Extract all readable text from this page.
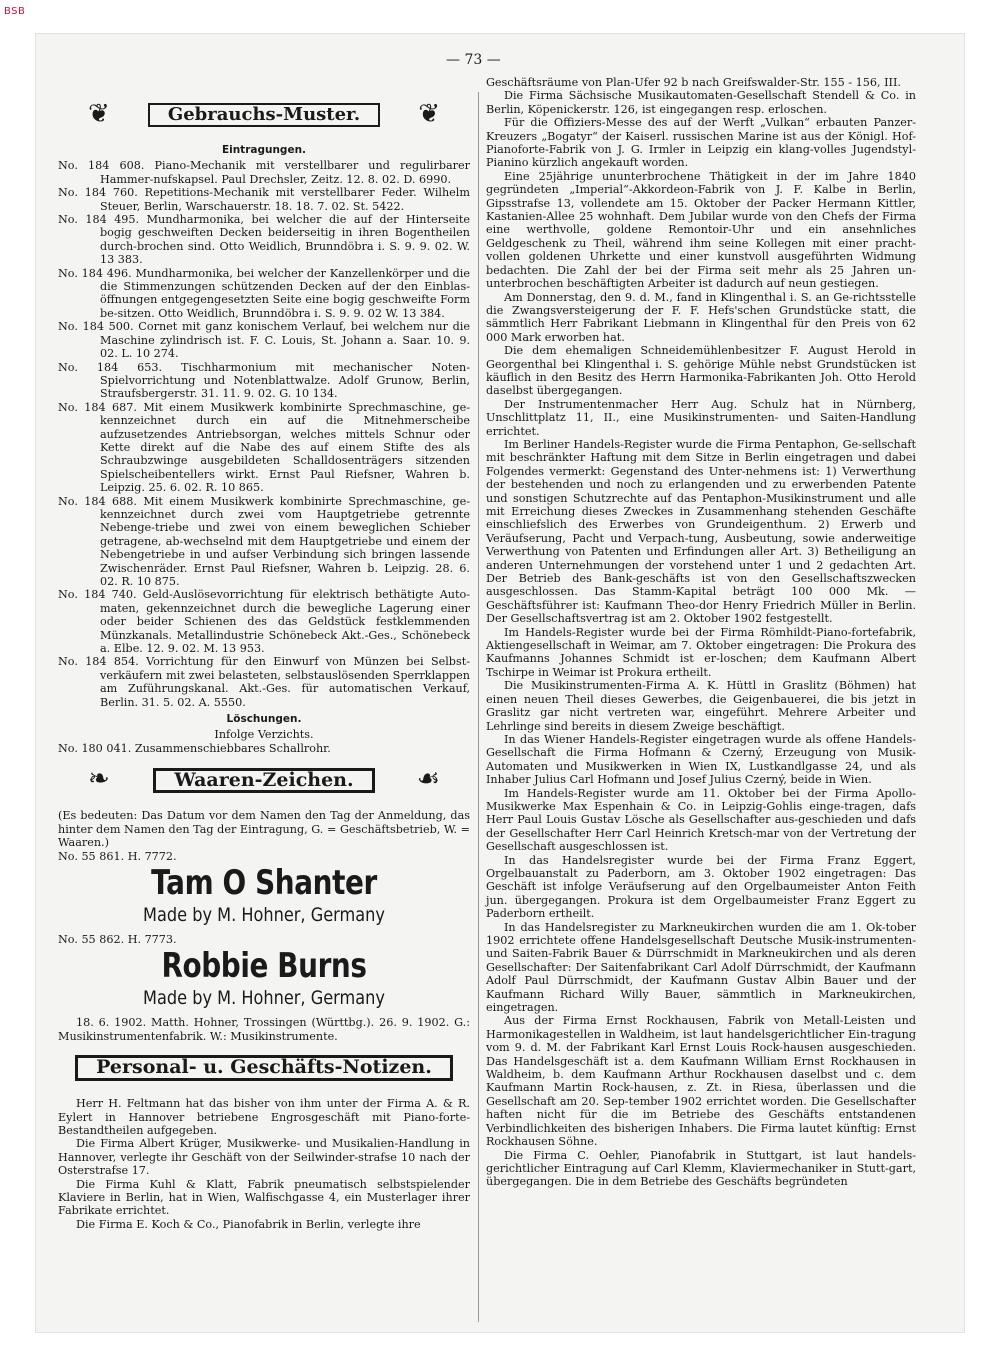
BSB
— 73 —
❦	Gebrauchs-Muster.	❦
Eintragungen.

No. 184 608. Piano-Mechanik mit verstellbarer und regulirbarer Hammer-nufskapsel. Paul Drechsler, Zeitz. 12. 8. 02. D. 6990.

No. 184 760. Repetitions-Mechanik mit verstellbarer Feder. Wilhelm Steuer, Berlin, Warschauerstr. 18. 18. 7. 02. St. 5422.

No. 184 495. Mundharmonika, bei welcher die auf der Hinterseite bogig geschweiften Decken beiderseitig in ihren Bogentheilen durch-brochen sind. Otto Weidlich, Brunndöbra i. S. 9. 9. 02. W. 13 383.

No. 184 496. Mundharmonika, bei welcher der Kanzellenkörper und die die Stimmenzungen schützenden Decken auf der den Einblas-öffnungen entgegengesetzten Seite eine bogig geschweifte Form be-sitzen. Otto Weidlich, Brunndöbra i. S. 9. 9. 02 W. 13 384.

No. 184 500. Cornet mit ganz konischem Verlauf, bei welchem nur die Maschine zylindrisch ist. F. C. Louis, St. Johann a. Saar. 10. 9. 02. L. 10 274.

No. 184 653. Tischharmonium mit mechanischer Noten-Spielvorrichtung und Notenblattwalze. Adolf Grunow, Berlin, Straufsbergerstr. 31. 11. 9. 02. G. 10 134.

No. 184 687. Mit einem Musikwerk kombinirte Sprechmaschine, ge-kennzeichnet durch ein auf die Mitnehmerscheibe aufzusetzendes Antriebsorgan, welches mittels Schnur oder Kette direkt auf die Nabe des auf einem Stifte des als Schraubzwinge ausgebildeten Schalldosenträgers sitzenden Spielscheibentellers wirkt. Ernst Paul Riefsner, Wahren b. Leipzig. 25. 6. 02. R. 10 865.

No. 184 688. Mit einem Musikwerk kombinirte Sprechmaschine, ge-kennzeichnet durch zwei vom Hauptgetriebe getrennte Nebenge-triebe und zwei von einem beweglichen Schieber getragene, ab-wechselnd mit dem Hauptgetriebe und einem der Nebengetriebe in und aufser Verbindung sich bringen lassende Zwischenräder. Ernst Paul Riefsner, Wahren b. Leipzig. 28. 6. 02. R. 10 875.

No. 184 740. Geld-Auslösevorrichtung für elektrisch bethätigte Auto-maten, gekennzeichnet durch die bewegliche Lagerung einer oder beider Schienen des das Geldstück festklemmenden Münzkanals. Metallindustrie Schönebeck Akt.-Ges., Schönebeck a. Elbe. 12. 9. 02. M. 13 953.

No. 184 854. Vorrichtung für den Einwurf von Münzen bei Selbst-verkäufern mit zwei belasteten, selbstauslösenden Sperrklappen am Zuführungskanal. Akt.-Ges. für automatischen Verkauf, Berlin. 31. 5. 02. A. 5550.

Löschungen.

Infolge Verzichts.

No. 180 041. Zusammenschiebbares Schallrohr.

❧	Waaren-Zeichen.	☙

(Es bedeuten: Das Datum vor dem Namen den Tag der Anmeldung, das hinter dem Namen den Tag der Eintragung, G. = Geschäftsbetrieb, W. = Waaren.)

No. 55 861. H. 7772.

Tam O Shanter
Made by M. Hohner, Germany

No. 55 862. H. 7773.

Robbie Burns
Made by M. Hohner, Germany

18. 6. 1902. Matth. Hohner, Trossingen (Württbg.). 26. 9. 1902. G.: Musikinstrumentenfabrik. W.: Musikinstrumente.

Personal- u. Geschäfts-Notizen.

Herr H. Feltmann hat das bisher von ihm unter der Firma A. & R. Eylert in Hannover betriebene Engrosgeschäft mit Piano-forte-Bestandtheilen aufgegeben.

Die Firma Albert Krüger, Musikwerke- und Musikalien-Handlung in Hannover, verlegte ihr Geschäft von der Seilwinder-strafse 10 nach der Osterstrafse 17.

Die Firma Kuhl & Klatt, Fabrik pneumatisch selbstspielender Klaviere in Berlin, hat in Wien, Walfischgasse 4, ein Musterlager ihrer Fabrikate errichtet.

Die Firma E. Koch & Co., Pianofabrik in Berlin, verlegte ihre

Geschäftsräume von Plan-Ufer 92 b nach Greifswalder-Str. 155 - 156, III.

Die Firma Sächsische Musikautomaten-Gesellschaft Stendell & Co. in Berlin, Köpenickerstr. 126, ist eingegangen resp. erloschen.

Für die Offiziers-Messe des auf der Werft „Vulkan“ erbauten Panzer-Kreuzers „Bogatyr“ der Kaiserl. russischen Marine ist aus der Königl. Hof-Pianoforte-Fabrik von J. G. Irmler in Leipzig ein klang-volles Jugendstyl-Pianino kürzlich angekauft worden.

Eine 25jährige ununterbrochene Thätigkeit in der im Jahre 1840 gegründeten „Imperial“-Akkordeon-Fabrik von J. F. Kalbe in Berlin, Gipsstrafse 13, vollendete am 15. Oktober der Packer Hermann Kittler, Kastanien-Allee 25 wohnhaft. Dem Jubilar wurde von den Chefs der Firma eine werthvolle, goldene Remontoir-Uhr und ein ansehnliches Geldgeschenk zu Theil, während ihm seine Kollegen mit einer pracht-vollen goldenen Uhrkette und einer kunstvoll ausgeführten Widmung bedachten. Die Zahl der bei der Firma seit mehr als 25 Jahren un-unterbrochen beschäftigten Arbeiter ist dadurch auf neun gestiegen.

Am Donnerstag, den 9. d. M., fand in Klingenthal i. S. an Ge-richtsstelle die Zwangsversteigerung der F. F. Hefs'schen Grundstücke statt, die sämmtlich Herr Fabrikant Liebmann in Klingenthal für den Preis von 62 000 Mark erworben hat.

Die dem ehemaligen Schneidemühlenbesitzer F. August Herold in Georgenthal bei Klingenthal i. S. gehörige Mühle nebst Grundstücken ist käuflich in den Besitz des Herrn Harmonika-Fabrikanten Joh. Otto Herold daselbst übergegangen.

Der Instrumentenmacher Herr Aug. Schulz hat in Nürnberg, Unschlittplatz 11, II., eine Musikinstrumenten- und Saiten-Handlung errichtet.

Im Berliner Handels-Register wurde die Firma Pentaphon, Ge-sellschaft mit beschränkter Haftung mit dem Sitze in Berlin eingetragen und dabei Folgendes vermerkt: Gegenstand des Unter-nehmens ist: 1) Verwerthung der bestehenden und noch zu erlangenden und zu erwerbenden Patente und sonstigen Schutzrechte auf das Pentaphon-Musikinstrument und alle mit Erreichung dieses Zweckes in Zusammenhang stehenden Geschäfte einschliefslich des Erwerbes von Grundeigenthum. 2) Erwerb und Veräufserung, Pacht und Verpach-tung, Ausbeutung, sowie anderweitige Verwerthung von Patenten und Erfindungen aller Art. 3) Betheiligung an anderen Unternehmungen der vorstehend unter 1 und 2 gedachten Art. Der Betrieb des Bank-geschäfts ist von den Gesellschaftszwecken ausgeschlossen. Das Stamm-Kapital beträgt 100 000 Mk. — Geschäftsführer ist: Kaufmann Theo-dor Henry Friedrich Müller in Berlin. Der Gesellschaftsvertrag ist am 2. Oktober 1902 festgestellt.

Im Handels-Register wurde bei der Firma Römhildt-Piano-fortefabrik, Aktiengesellschaft in Weimar, am 7. Oktober eingetragen: Die Prokura des Kaufmanns Johannes Schmidt ist er-loschen; dem Kaufmann Albert Tschirpe in Weimar ist Prokura ertheilt.

Die Musikinstrumenten-Firma A. K. Hüttl in Graslitz (Böhmen) hat einen neuen Theil dieses Gewerbes, die Geigenbauerei, die bis jetzt in Graslitz gar nicht vertreten war, eingeführt. Mehrere Arbeiter und Lehrlinge sind bereits in diesem Zweige beschäftigt.

In das Wiener Handels-Register eingetragen wurde als offene Handels-Gesellschaft die Firma Hofmann & Czerný, Erzeugung von Musik-Automaten und Musikwerken in Wien IX, Lustkandlgasse 24, und als Inhaber Julius Carl Hofmann und Josef Julius Czerný, beide in Wien.

Im Handels-Register wurde am 11. Oktober bei der Firma Apollo-Musikwerke Max Espenhain & Co. in Leipzig-Gohlis einge-tragen, dafs Herr Paul Louis Gustav Lösche als Gesellschafter aus-geschieden und dafs der Gesellschafter Herr Carl Heinrich Kretsch-mar von der Vertretung der Gesellschaft ausgeschlossen ist.

In das Handelsregister wurde bei der Firma Franz Eggert, Orgelbauanstalt zu Paderborn, am 3. Oktober 1902 eingetragen: Das Geschäft ist infolge Veräufserung auf den Orgelbaumeister Anton Feith jun. übergegangen. Prokura ist dem Orgelbaumeister Franz Eggert zu Paderborn ertheilt.

In das Handelsregister zu Markneukirchen wurden die am 1. Ok-tober 1902 errichtete offene Handelsgesellschaft Deutsche Musik-instrumenten- und Saiten-Fabrik Bauer & Dürrschmidt in Markneukirchen und als deren Gesellschafter: Der Saitenfabrikant Carl Adolf Dürrschmidt, der Kaufmann Adolf Paul Dürrschmidt, der Kaufmann Gustav Albin Bauer und der Kaufmann Richard Willy Bauer, sämmtlich in Markneukirchen, eingetragen.

Aus der Firma Ernst Rockhausen, Fabrik von Metall-Leisten und Harmonikagestellen in Waldheim, ist laut handelsgerichtlicher Ein-tragung vom 9. d. M. der Fabrikant Karl Ernst Louis Rock-hausen ausgeschieden. Das Handelsgeschäft ist a. dem Kaufmann William Ernst Rockhausen in Waldheim, b. dem Kaufmann Arthur Rockhausen daselbst und c. dem Kaufmann Martin Rock-hausen, z. Zt. in Riesa, überlassen und die Gesellschaft am 20. Sep-tember 1902 errichtet worden. Die Gesellschafter haften nicht für die im Betriebe des Geschäfts entstandenen Verbindlichkeiten des bisherigen Inhabers. Die Firma lautet künftig: Ernst Rockhausen Söhne.

Die Firma C. Oehler, Pianofabrik in Stuttgart, ist laut handels-gerichtlicher Eintragung auf Carl Klemm, Klaviermechaniker in Stutt-gart, übergegangen. Die in dem Betriebe des Geschäfts begründeten
